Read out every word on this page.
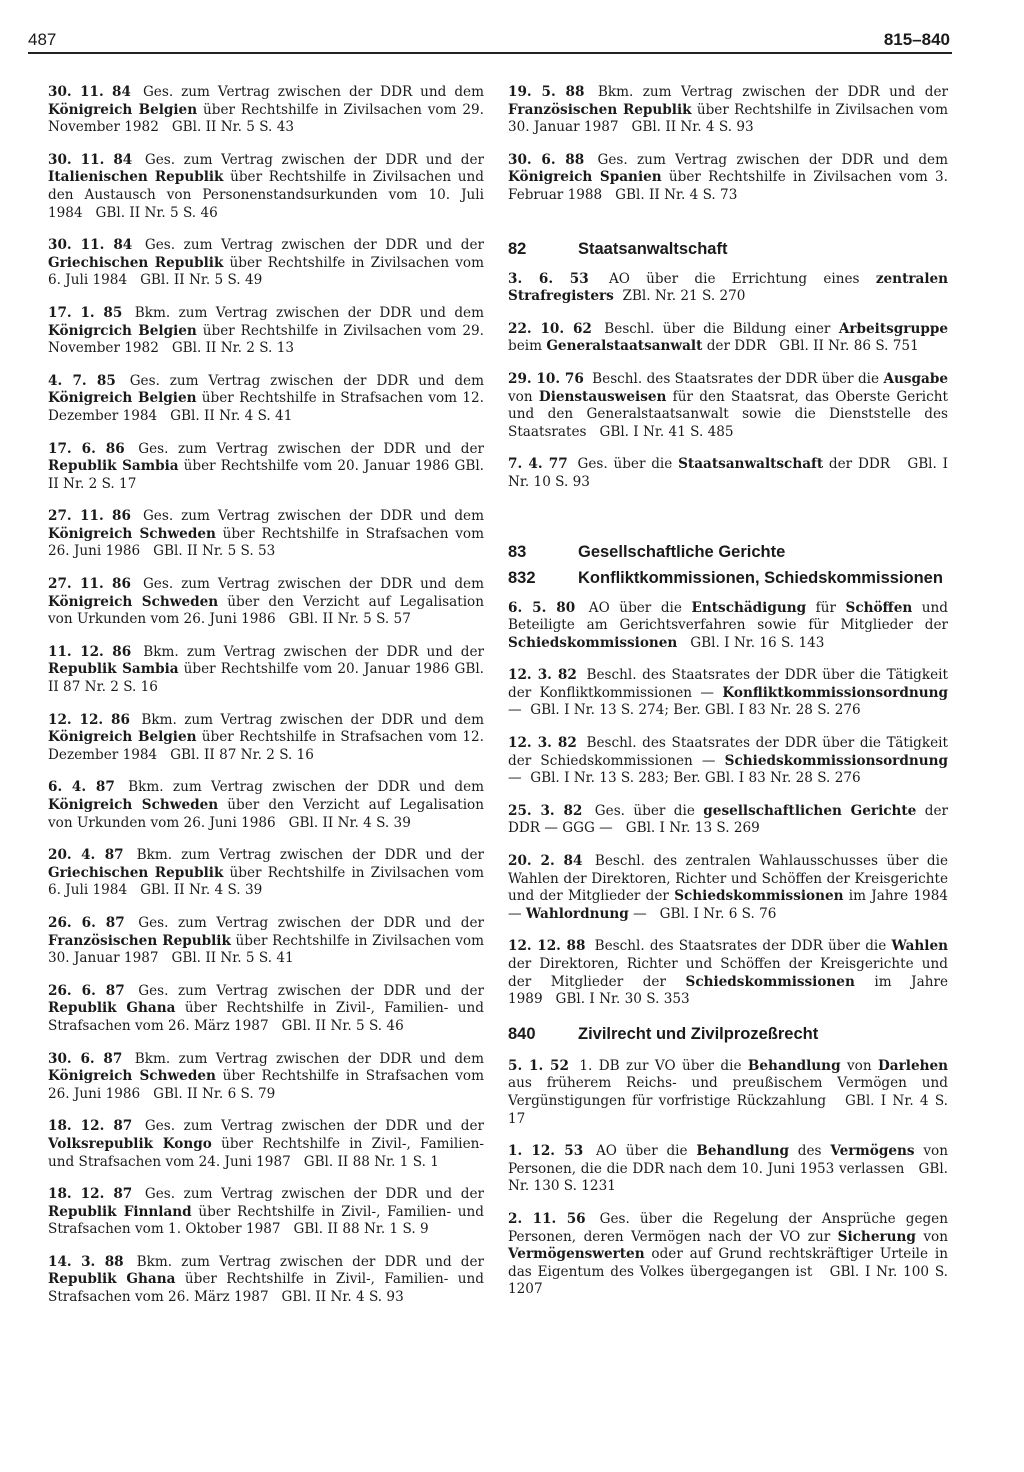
487	815–840
30. 11. 84 Ges. zum Vertrag zwischen der DDR und dem Königreich Belgien über Rechtshilfe in Zivilsachen vom 29. November 1982   GBl. II Nr. 5 S. 43
30. 11. 84 Ges. zum Vertrag zwischen der DDR und der Italienischen Republik über Rechtshilfe in Zivilsachen und den Austausch von Personenstandsurkunden vom 10. Juli 1984   GBl. II Nr. 5 S. 46
30. 11. 84 Ges. zum Vertrag zwischen der DDR und der Griechischen Republik über Rechtshilfe in Zivilsachen vom 6. Juli 1984   GBl. II Nr. 5 S. 49
17. 1. 85 Bkm. zum Vertrag zwischen der DDR und dem Königrcich Belgien über Rechtshilfe in Zivilsachen vom 29. November 1982   GBl. II Nr. 2 S. 13
4. 7. 85 Ges. zum Vertrag zwischen der DDR und dem Königreich Belgien über Rechtshilfe in Strafsachen vom 12. Dezember 1984   GBl. II Nr. 4 S. 41
17. 6. 86 Ges. zum Vertrag zwischen der DDR und der Republik Sambia über Rechtshilfe vom 20. Januar 1986 GBl. II Nr. 2 S. 17
27. 11. 86 Ges. zum Vertrag zwischen der DDR und dem Königreich Schweden über Rechtshilfe in Strafsachen vom 26. Juni 1986   GBl. II Nr. 5 S. 53
27. 11. 86 Ges. zum Vertrag zwischen der DDR und dem Königreich Schweden über den Verzicht auf Legalisation von Urkunden vom 26. Juni 1986   GBl. II Nr. 5 S. 57
11. 12. 86 Bkm. zum Vertrag zwischen der DDR und der Republik Sambia über Rechtshilfe vom 20. Januar 1986 GBl. II 87 Nr. 2 S. 16
12. 12. 86 Bkm. zum Vertrag zwischen der DDR und dem Königreich Belgien über Rechtshilfe in Strafsachen vom 12. Dezember 1984   GBl. II 87 Nr. 2 S. 16
6. 4. 87 Bkm. zum Vertrag zwischen der DDR und dem Königreich Schweden über den Verzicht auf Legalisation von Urkunden vom 26. Juni 1986   GBl. II Nr. 4 S. 39
20. 4. 87 Bkm. zum Vertrag zwischen der DDR und der Griechischen Republik über Rechtshilfe in Zivilsachen vom 6. Juli 1984   GBl. II Nr. 4 S. 39
26. 6. 87 Ges. zum Vertrag zwischen der DDR und der Französischen Republik über Rechtshilfe in Zivilsachen vom 30. Januar 1987   GBl. II Nr. 5 S. 41
26. 6. 87 Ges. zum Vertrag zwischen der DDR und der Republik Ghana über Rechtshilfe in Zivil-, Familien- und Strafsachen vom 26. März 1987   GBl. II Nr. 5 S. 46
30. 6. 87 Bkm. zum Vertrag zwischen der DDR und dem Königreich Schweden über Rechtshilfe in Strafsachen vom 26. Juni 1986   GBl. II Nr. 6 S. 79
18. 12. 87 Ges. zum Vertrag zwischen der DDR und der Volksrepublik Kongo über Rechtshilfe in Zivil-, Familien- und Strafsachen vom 24. Juni 1987   GBl. II 88 Nr. 1 S. 1
18. 12. 87 Ges. zum Vertrag zwischen der DDR und der Republik Finnland über Rechtshilfe in Zivil-, Familien- und Strafsachen vom 1. Oktober 1987   GBl. II 88 Nr. 1 S. 9
14. 3. 88 Bkm. zum Vertrag zwischen der DDR und der Republik Ghana über Rechtshilfe in Zivil-, Familien- und Strafsachen vom 26. März 1987   GBl. II Nr. 4 S. 93
19. 5. 88 Bkm. zum Vertrag zwischen der DDR und der Französischen Republik über Rechtshilfe in Zivilsachen vom 30. Januar 1987   GBl. II Nr. 4 S. 93
30. 6. 88 Ges. zum Vertrag zwischen der DDR und dem Königreich Spanien über Rechtshilfe in Zivilsachen vom 3. Februar 1988   GBl. II Nr. 4 S. 73
82	Staatsanwaltschaft
3. 6. 53 AO über die Errichtung eines zentralen Strafregisters  ZBl. Nr. 21 S. 270
22. 10. 62 Beschl. über die Bildung einer Arbeitsgruppe beim Generalstaatsanwalt der DDR   GBl. II Nr. 86 S. 751
29. 10. 76 Beschl. des Staatsrates der DDR über die Ausgabe von Dienstausweisen für den Staatsrat, das Oberste Gericht und den Generalstaatsanwalt sowie die Dienststelle des Staatsrates   GBl. I Nr. 41 S. 485
7. 4. 77 Ges. über die Staatsanwaltschaft der DDR   GBl. I Nr. 10 S. 93
83	Gesellschaftliche Gerichte
832	Konfliktkommissionen, Schiedskommissionen
6. 5. 80 AO über die Entschädigung für Schöffen und Beteiligte am Gerichtsverfahren sowie für Mitglieder der Schiedskommissionen   GBl. I Nr. 16 S. 143
12. 3. 82 Beschl. des Staatsrates der DDR über die Tätigkeit der Konfliktkommissionen — Konfliktkommissionsordnung —  GBl. I Nr. 13 S. 274; Ber. GBl. I 83 Nr. 28 S. 276
12. 3. 82 Beschl. des Staatsrates der DDR über die Tätigkeit der Schiedskommissionen — Schiedskommissionsordnung —  GBl. I Nr. 13 S. 283; Ber. GBl. I 83 Nr. 28 S. 276
25. 3. 82 Ges. über die gesellschaftlichen Gerichte der DDR — GGG —   GBl. I Nr. 13 S. 269
20. 2. 84 Beschl. des zentralen Wahlausschusses über die Wahlen der Direktoren, Richter und Schöffen der Kreisgerichte und der Mitglieder der Schiedskommissionen im Jahre 1984 — Wahlordnung —   GBl. I Nr. 6 S. 76
12. 12. 88 Beschl. des Staatsrates der DDR über die Wahlen der Direktoren, Richter und Schöffen der Kreisgerichte und der Mitglieder der Schiedskommissionen im Jahre 1989   GBl. I Nr. 30 S. 353
840	Zivilrecht und Zivilprozeßrecht
5. 1. 52 1. DB zur VO über die Behandlung von Darlehen aus früherem Reichs- und preußischem Vermögen und Vergünstigungen für vorfristige Rückzahlung   GBl. I Nr. 4 S. 17
1. 12. 53 AO über die Behandlung des Vermögens von Personen, die die DDR nach dem 10. Juni 1953 verlassen   GBl. Nr. 130 S. 1231
2. 11. 56 Ges. über die Regelung der Ansprüche gegen Personen, deren Vermögen nach der VO zur Sicherung von Vermögenswerten oder auf Grund rechtskräftiger Urteile in das Eigentum des Volkes übergegangen ist   GBl. I Nr. 100 S. 1207
